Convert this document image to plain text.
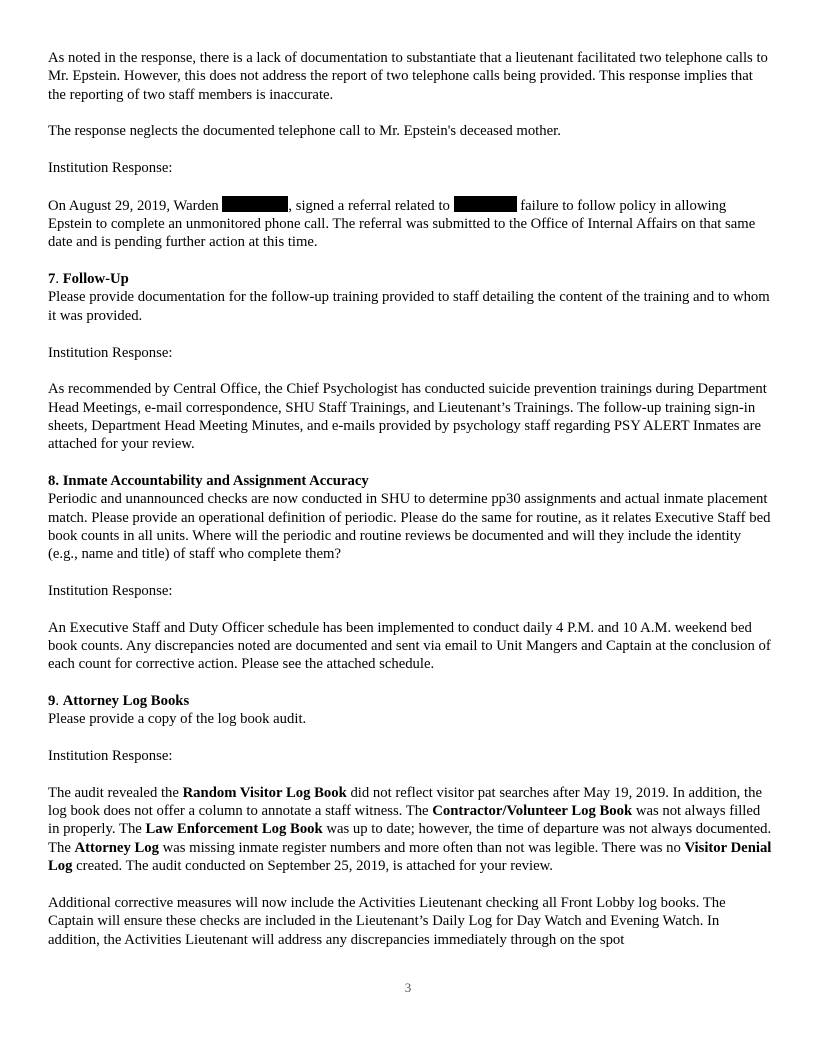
As noted in the response, there is a lack of documentation to substantiate that a lieutenant facilitated two telephone calls to Mr. Epstein. However, this does not address the report of two telephone calls being provided. This response implies that the reporting of two staff members is inaccurate.

The response neglects the documented telephone call to Mr. Epstein's deceased mother.

Institution Response:

On August 29, 2019, Warden	, signed a referral related to	failure to follow policy in allowing Epstein to complete an unmonitored phone call. The referral was submitted to the Office of Internal Affairs on that same date and is pending further action at this time.

7. Follow-Up

Please provide documentation for the follow-up training provided to staff detailing the content of the training and to whom it was provided.

Institution Response:

As recommended by Central Office, the Chief Psychologist has conducted suicide prevention trainings during Department Head Meetings, e-mail correspondence, SHU Staff Trainings, and Lieutenant’s Trainings. The follow-up training sign-in sheets, Department Head Meeting Minutes, and e-mails provided by psychology staff regarding PSY ALERT Inmates are attached for your review.

8. Inmate Accountability and Assignment Accuracy

Periodic and unannounced checks are now conducted in SHU to determine pp30 assignments and actual inmate placement match. Please provide an operational definition of periodic. Please do the same for routine, as it relates Executive Staff bed book counts in all units. Where will the periodic and routine reviews be documented and will they include the identity (e.g., name and title) of staff who complete them?

Institution Response:

An Executive Staff and Duty Officer schedule has been implemented to conduct daily 4 P.M. and 10 A.M. weekend bed book counts. Any discrepancies noted are documented and sent via email to Unit Mangers and Captain at the conclusion of each count for corrective action. Please see the attached schedule.

9. Attorney Log Books

Please provide a copy of the log book audit.

Institution Response:

The audit revealed the Random Visitor Log Book did not reflect visitor pat searches after May 19, 2019. In addition, the log book does not offer a column to annotate a staff witness. The Contractor/Volunteer Log Book was not always filled in properly. The Law Enforcement Log Book was up to date; however, the time of departure was not always documented. The Attorney Log was missing inmate register numbers and more often than not was legible. There was no Visitor Denial Log created. The audit conducted on September 25, 2019, is attached for your review.

Additional corrective measures will now include the Activities Lieutenant checking all Front Lobby log books. The Captain will ensure these checks are included in the Lieutenant’s Daily Log for Day Watch and Evening Watch. In addition, the Activities Lieutenant will address any discrepancies immediately through on the spot

3
